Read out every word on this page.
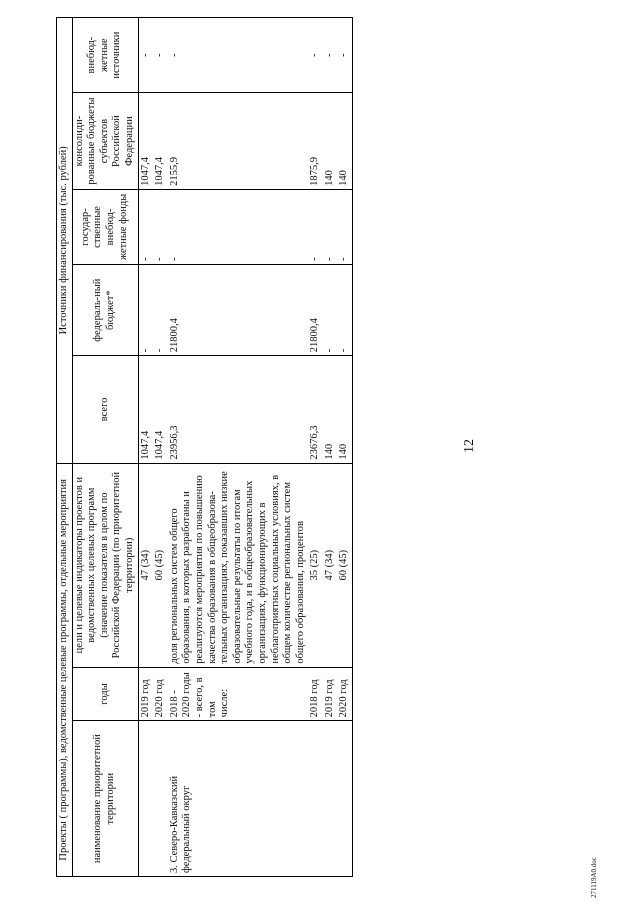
12
271119A0.doc
Проекты ( программы), ведомственные целевые программы, отдельные мероприятия			Источники финансирования (тыс. рублей)				
наименование приоритетной территории	годы	цели и целевые индикаторы проектов и ведомственных целевых программ (значение показателя в целом по Российской Федерации (по приоритетной территории)	всего	федераль-ный бюджет*	государ-ственные внебюд-жетные фонды	консолиди-рованные бюджеты субъектов Российской Федерации	внебюд-жетные источники
	2019 год	47 (34)	1047,4	-	-	1047,4	-
	2020 год	60 (45)	1047,4	-	-	1047,4	-
3. Северо-Кавказский федеральный округ	2018 - 2020 годы - всего, в том числе:	доля региональных систем общего образования, в которых разработаны и реализуются мероприятия по повышению качества образования в общеобразова-тельных организациях, показавших низкие образовательные результаты по итогам учебного года, и в общеобразовательных организациях, функционирующих в неблагоприятных социальных условиях, в общем количестве региональных систем общего образования, процентов	23956,3	21800,4	-	2155,9	-
	2018 год	35 (25)	23676,3	21800,4	-	1875,9	-
	2019 год	47 (34)	140	-	-	140	-
	2020 год	60 (45)	140	-	-	140	-
